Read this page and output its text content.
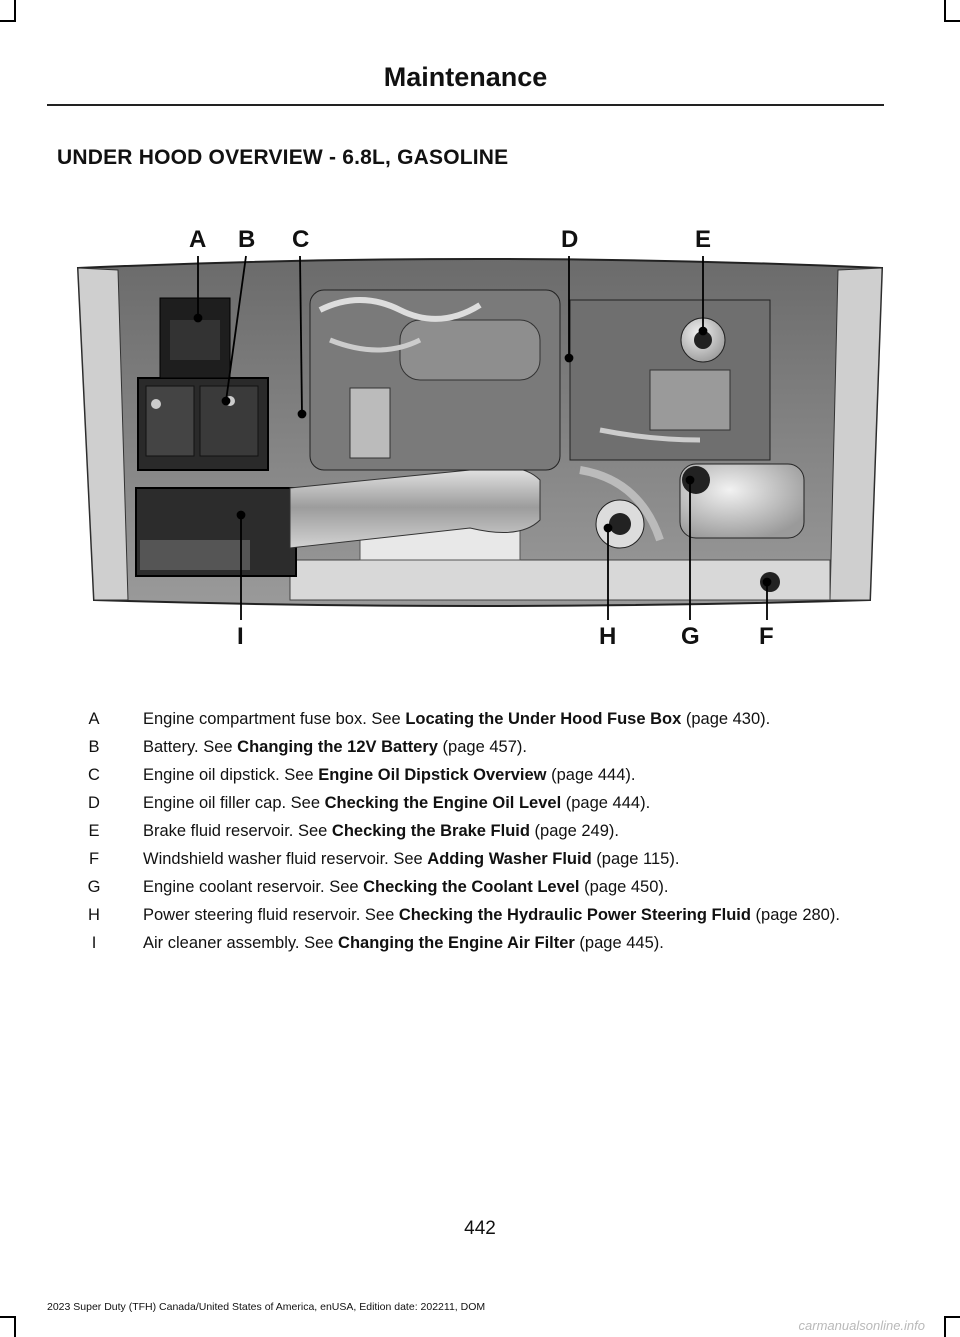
Maintenance
UNDER HOOD OVERVIEW - 6.8L, GASOLINE
A B C	D	E
F
G
H
I
A	Engine compartment fuse box. See Locating the Under Hood Fuse Box (page 430).
B	Battery. See Changing the 12V Battery (page 457).
C	Engine oil dipstick. See Engine Oil Dipstick Overview (page 444).
D	Engine oil filler cap. See Checking the Engine Oil Level (page 444).
E	Brake fluid reservoir. See Checking the Brake Fluid (page 249).
F	Windshield washer fluid reservoir. See Adding Washer Fluid (page 115).
G	Engine coolant reservoir. See Checking the Coolant Level (page 450).
H	Power steering fluid reservoir. See Checking the Hydraulic Power Steering Fluid (page 280).
I	Air cleaner assembly. See Changing the Engine Air Filter (page 445).
442
2023 Super Duty (TFH) Canada/United States of America, enUSA, Edition date: 202211, DOM
carmanualsonline.info
